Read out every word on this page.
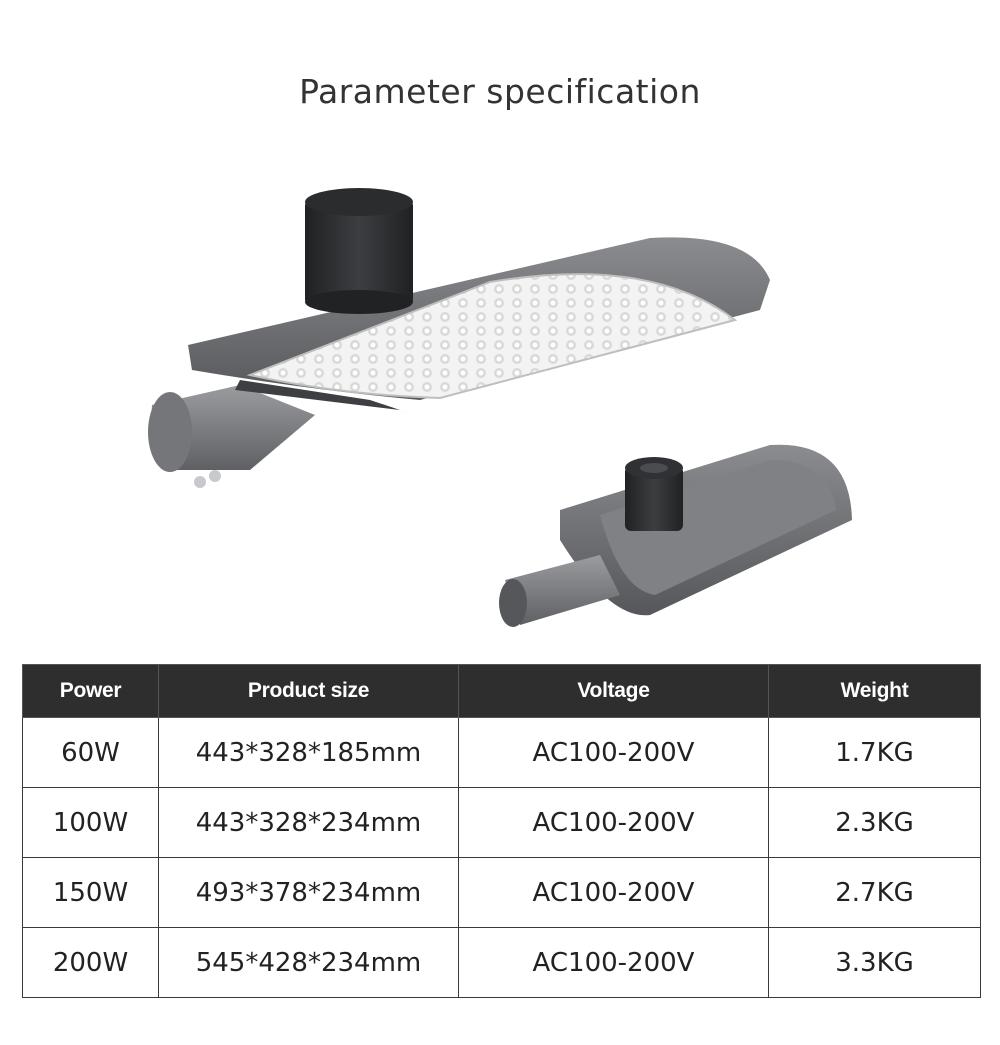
Parameter specification
Power	Product size	Voltage	Weight
60W	443*328*185mm	AC100-200V	1.7KG
100W	443*328*234mm	AC100-200V	2.3KG
150W	493*378*234mm	AC100-200V	2.7KG
200W	545*428*234mm	AC100-200V	3.3KG
